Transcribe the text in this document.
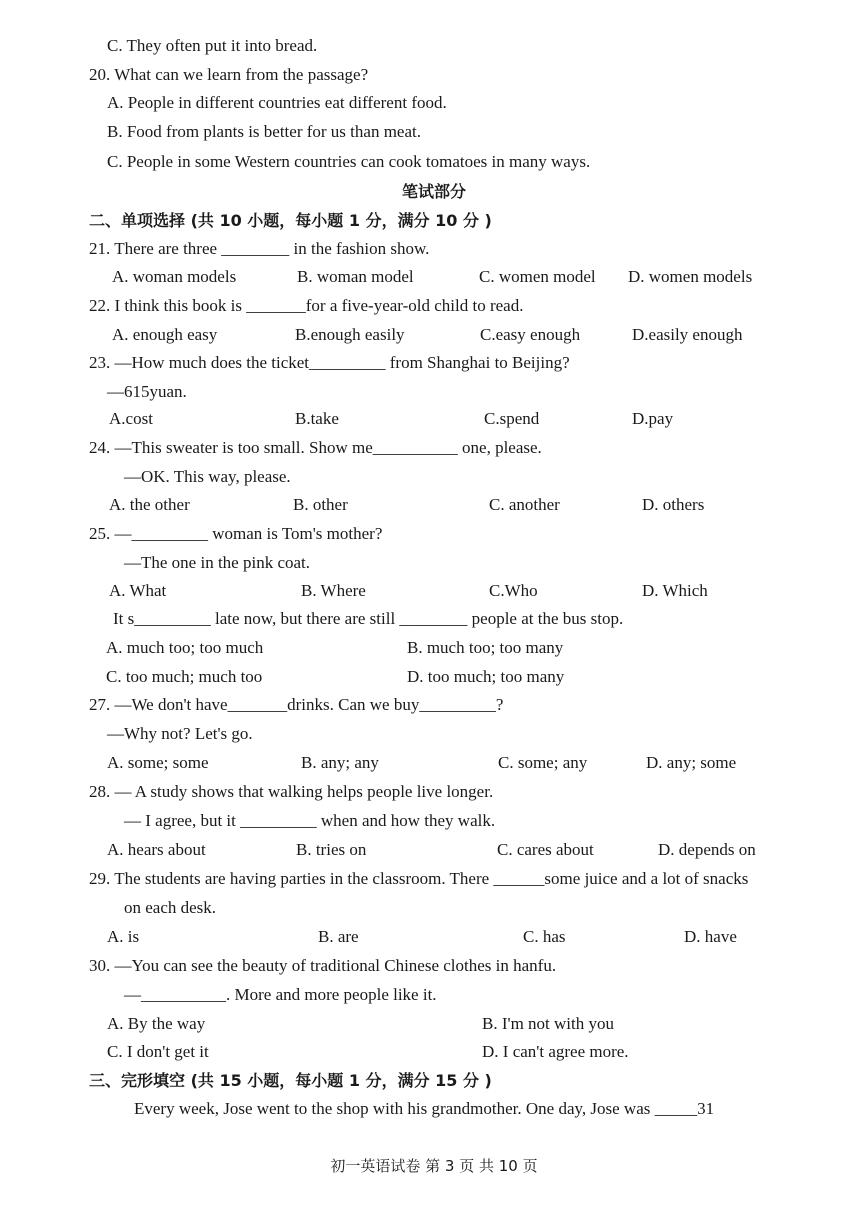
笔试部分
初一英语试卷 第 3 页 共 10 页
C. They often put it into bread.
20. What can we learn from the passage?
A. People in different countries eat different food.
B. Food from plants is better for us than meat.
C. People in some Western countries can cook tomatoes in many ways.
二、单项选择 (共 10 小题，每小题 1 分，满分 10 分 )
21. There are three ________ in the fashion show.
22. I think this book is _______for a five-year-old child to read.
23. —How much does the ticket_________ from Shanghai to Beijing?
—615yuan.
24. —This sweater is too small. Show me__________ one, please.
—OK. This way, please.
25. —_________ woman is Tom's mother?
—The one in the pink coat.
It s_________ late now, but there are still ________ people at the bus stop.
27. —We don't have_______drinks. Can we buy_________?
—Why not? Let's go.
28. — A study shows that walking helps people live longer.
— I agree, but it _________ when and how they walk.
29. The students are having parties in the classroom. There ______some juice and a lot of snacks
on each desk.
30. —You can see the beauty of traditional Chinese clothes in hanfu.
—__________. More and more people like it.
三、完形填空 (共 15 小题，每小题 1 分，满分 15 分 )
Every week, Jose went to the shop with his grandmother. One day, Jose was _____31
A. woman models	B. woman model	C. women model D. women models
A. enough easy	B.enough easily	C.easy enough	D.easily enough
A.cost	B.take	C.spend	D.pay
A. the other	B. other	C. another	D. others
A. What	B. Where	C.Who	D. Which
A. much too; too much	B. much too; too many
C. too much; much too	D. too much; too many
A. some; some	B. any; any	C. some; any	D. any; some
A. hears about	B. tries on	C. cares about	D. depends on
A. is	B. are	C. has	D. have
A. By the way	B. I'm not with you
C. I don't get it	D. I can't agree more.
